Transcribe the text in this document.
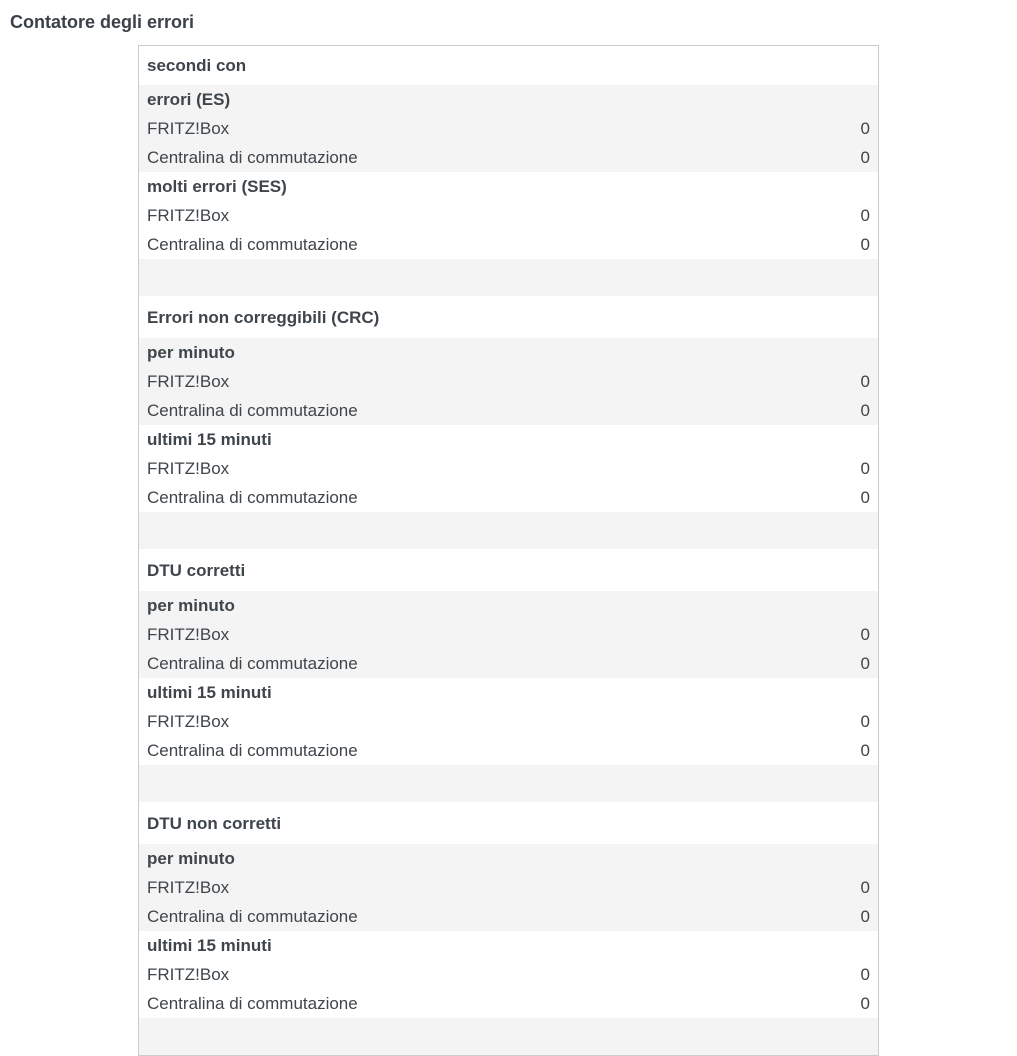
Contatore degli errori
secondi con	
errori (ES)	
FRITZ!Box	0
Centralina di commutazione	0
molti errori (SES)	
FRITZ!Box	0
Centralina di commutazione	0

Errori non correggibili (CRC)	
per minuto	
FRITZ!Box	0
Centralina di commutazione	0
ultimi 15 minuti	
FRITZ!Box	0
Centralina di commutazione	0

DTU corretti	
per minuto	
FRITZ!Box	0
Centralina di commutazione	0
ultimi 15 minuti	
FRITZ!Box	0
Centralina di commutazione	0

DTU non corretti	
per minuto	
FRITZ!Box	0
Centralina di commutazione	0
ultimi 15 minuti	
FRITZ!Box	0
Centralina di commutazione	0
